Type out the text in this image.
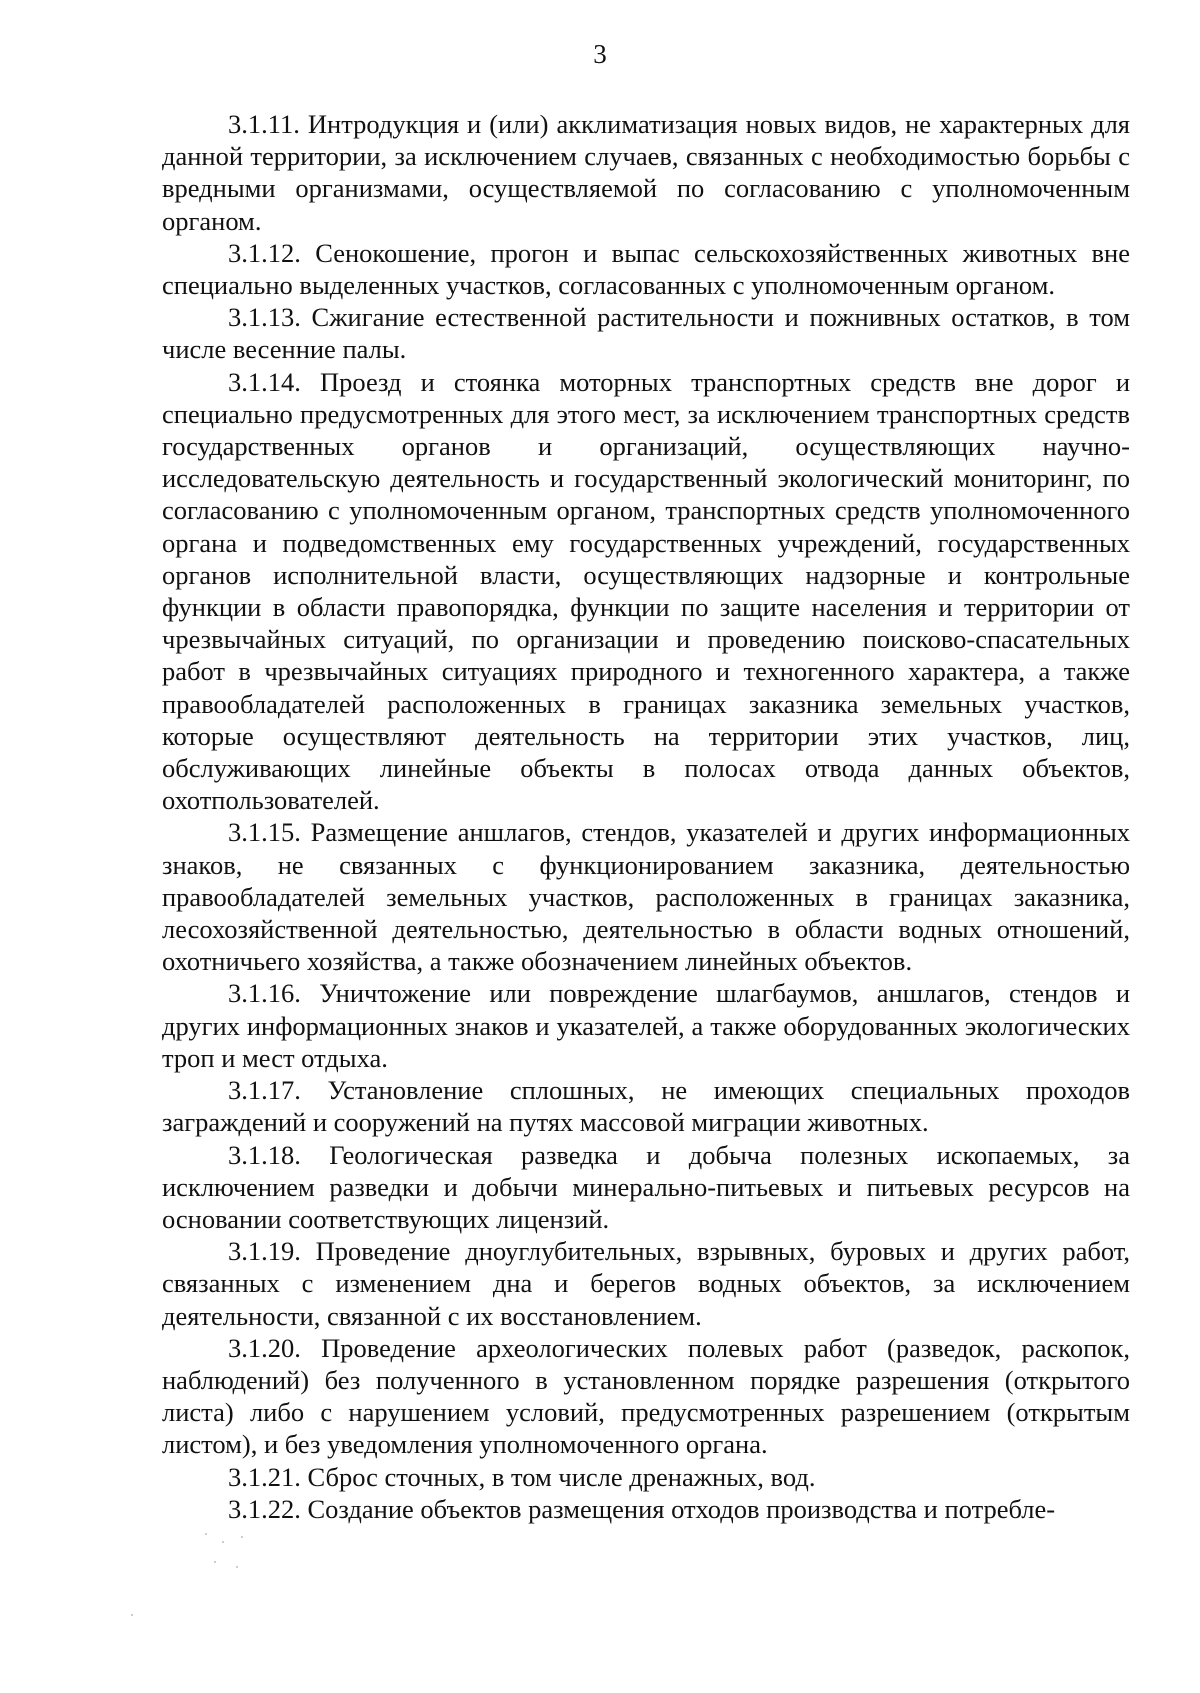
3

3.1.11. Интродукция и (или) акклиматизация новых видов, не характерных для данной территории, за исключением случаев, связанных с необходимостью борьбы с вредными организмами, осуществляемой по согласованию с уполномоченным органом.

3.1.12. Сенокошение, прогон и выпас сельскохозяйственных животных вне специально выделенных участков, согласованных с уполномоченным органом.

3.1.13. Сжигание естественной растительности и пожнивных остатков, в том числе весенние палы.

3.1.14. Проезд и стоянка моторных транспортных средств вне дорог и специально предусмотренных для этого мест, за исключением транспортных средств государственных органов и организаций, осуществляющих научно-исследовательскую деятельность и государственный экологический мониторинг, по согласованию с уполномоченным органом, транспортных средств уполномоченного органа и подведомственных ему государственных учреждений, государственных органов исполнительной власти, осуществляющих надзорные и контрольные функции в области правопорядка, функции по защите населения и территории от чрезвычайных ситуаций, по организации и проведению поисково-спасательных работ в чрезвычайных ситуациях природного и техногенного характера, а также правообладателей расположенных в границах заказника земельных участков, которые осуществляют деятельность на территории этих участков, лиц, обслуживающих линейные объекты в полосах отвода данных объектов, охотпользователей.

3.1.15. Размещение аншлагов, стендов, указателей и других информационных знаков, не связанных с функционированием заказника, деятельностью правообладателей земельных участков, расположенных в границах заказника, лесохозяйственной деятельностью, деятельностью в области водных отношений, охотничьего хозяйства, а также обозначением линейных объектов.

3.1.16. Уничтожение или повреждение шлагбаумов, аншлагов, стендов и других информационных знаков и указателей, а также оборудованных экологических троп и мест отдыха.

3.1.17. Установление сплошных, не имеющих специальных проходов заграждений и сооружений на путях массовой миграции животных.

3.1.18. Геологическая разведка и добыча полезных ископаемых, за исключением разведки и добычи минерально-питьевых и питьевых ресурсов на основании соответствующих лицензий.

3.1.19. Проведение дноуглубительных, взрывных, буровых и других работ, связанных с изменением дна и берегов водных объектов, за исключением деятельности, связанной с их восстановлением.

3.1.20. Проведение археологических полевых работ (разведок, раскопок, наблюдений) без полученного в установленном порядке разрешения (открытого листа) либо с нарушением условий, предусмотренных разрешением (открытым листом), и без уведомления уполномоченного органа.

3.1.21. Сброс сточных, в том числе дренажных, вод.

3.1.22. Создание объектов размещения отходов производства и потребле-
